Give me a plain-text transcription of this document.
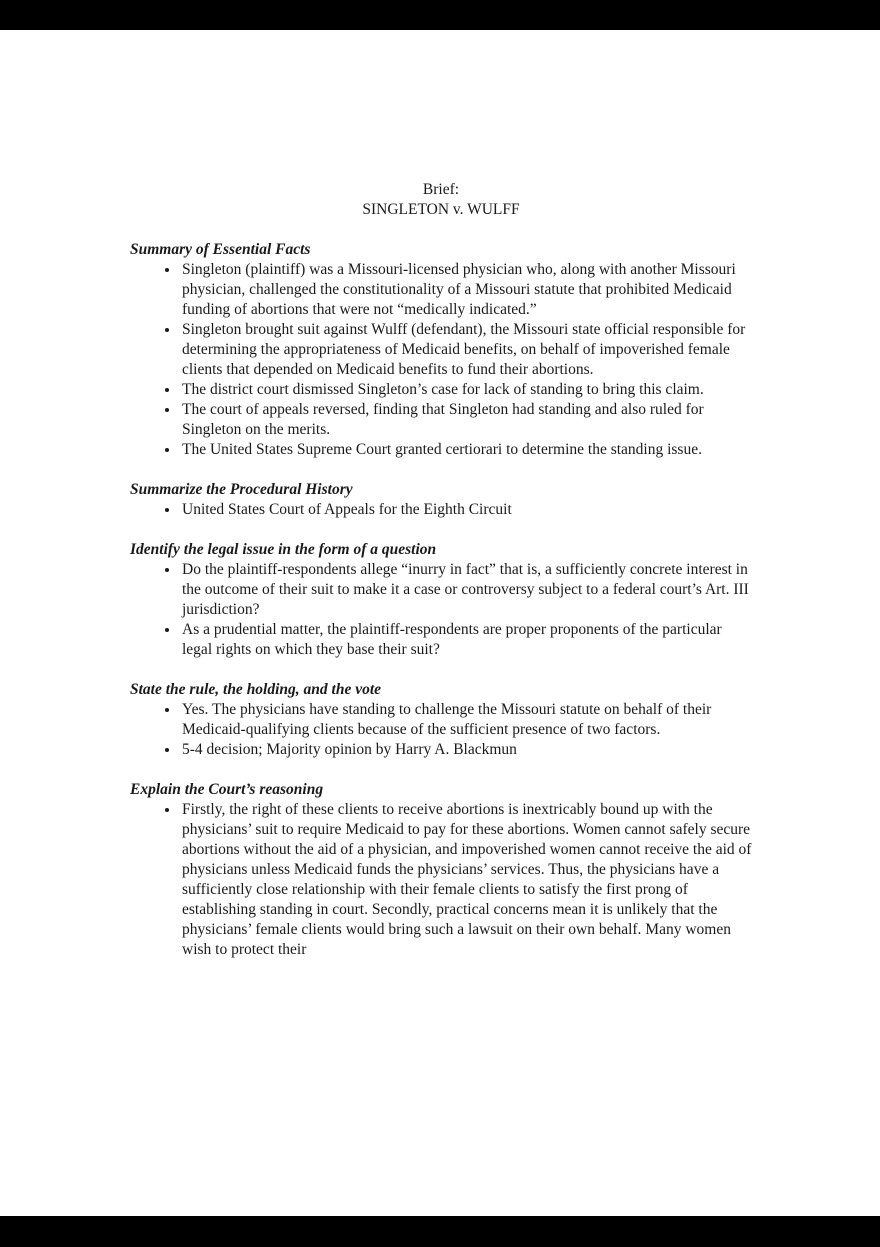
Brief:
SINGLETON v. WULFF
Summary of Essential Facts
• Singleton (plaintiff) was a Missouri-licensed physician who, along with another Missouri physician, challenged the constitutionality of a Missouri statute that prohibited Medicaid funding of abortions that were not “medically indicated.”
• Singleton brought suit against Wulff (defendant), the Missouri state official responsible for determining the appropriateness of Medicaid benefits, on behalf of impoverished female clients that depended on Medicaid benefits to fund their abortions.
• The district court dismissed Singleton’s case for lack of standing to bring this claim.
• The court of appeals reversed, finding that Singleton had standing and also ruled for Singleton on the merits.
• The United States Supreme Court granted certiorari to determine the standing issue.
Summarize the Procedural History
• United States Court of Appeals for the Eighth Circuit
Identify the legal issue in the form of a question
• Do the plaintiff-respondents allege “inurry in fact” that is, a sufficiently concrete interest in the outcome of their suit to make it a case or controversy subject to a federal court’s Art. III jurisdiction?
• As a prudential matter, the plaintiff-respondents are proper proponents of the particular legal rights on which they base their suit?
State the rule, the holding, and the vote
• Yes. The physicians have standing to challenge the Missouri statute on behalf of their Medicaid-qualifying clients because of the sufficient presence of two factors.
• 5-4 decision; Majority opinion by Harry A. Blackmun
Explain the Court’s reasoning
• Firstly, the right of these clients to receive abortions is inextricably bound up with the physicians’ suit to require Medicaid to pay for these abortions. Women cannot safely secure abortions without the aid of a physician, and impoverished women cannot receive the aid of physicians unless Medicaid funds the physicians’ services. Thus, the physicians have a sufficiently close relationship with their female clients to satisfy the first prong of establishing standing in court. Secondly, practical concerns mean it is unlikely that the physicians’ female clients would bring such a lawsuit on their own behalf. Many women wish to protect their
